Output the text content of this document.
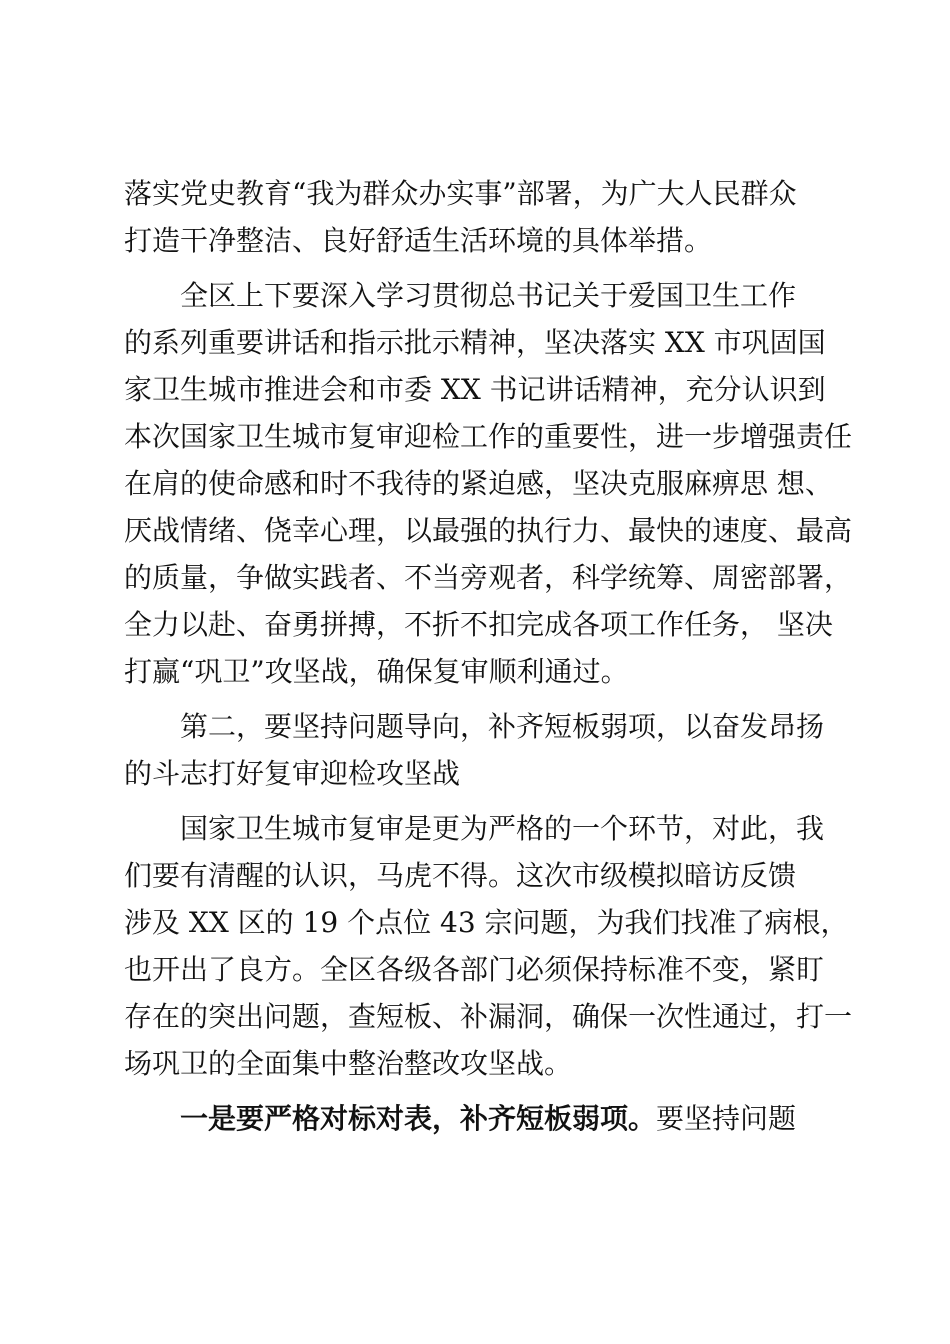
落实党史教育“我为群众办实事”部署，为广大人民群众
打造干净整洁、良好舒适生活环境的具体举措。
　　全区上下要深入学习贯彻总书记关于爱国卫生工作
的系列重要讲话和指示批示精神，坚决落实 XX 市巩固国
家卫生城市推进会和市委 XX 书记讲话精神，充分认识到
本次国家卫生城市复审迎检工作的重要性，进一步增强责任
在肩的使命感和时不我待的紧迫感，坚决克服麻痹思 想、
厌战情绪、侥幸心理，以最强的执行力、最快的速度、最高
的质量，争做实践者、不当旁观者，科学统筹、周密部署，
全力以赴、奋勇拼搏，不折不扣完成各项工作任务， 坚决
打赢“巩卫”攻坚战，确保复审顺利通过。
　　第二，要坚持问题导向，补齐短板弱项，以奋发昂扬
的斗志打好复审迎检攻坚战
　　国家卫生城市复审是更为严格的一个环节，对此，我
们要有清醒的认识，马虎不得。这次市级模拟暗访反馈
涉及 XX 区的 19 个点位 43 宗问题，为我们找准了病根，
也开出了良方。全区各级各部门必须保持标准不变，紧盯
存在的突出问题，查短板、补漏洞，确保一次性通过，打一
场巩卫的全面集中整治整改攻坚战。
　　一是要严格对标对表，补齐短板弱项。要坚持问题
